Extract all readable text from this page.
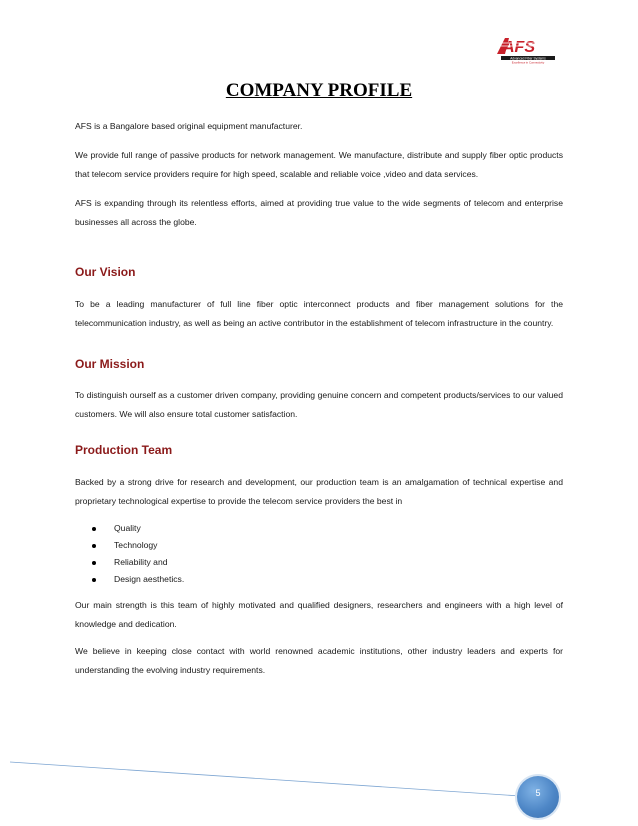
AFS
Advanced Fiber Systems
Excellence in Connectivity
COMPANY PROFILE

AFS is a Bangalore based original equipment manufacturer.

We provide full range of passive products for network management. We manufacture, distribute and supply fiber optic products that telecom service providers require for high speed, scalable and reliable voice ,video and data services.

AFS is expanding through its relentless efforts, aimed at providing true value to the wide segments of telecom and enterprise businesses all across the globe.

Our Vision

To be a leading manufacturer of full line fiber optic interconnect products and fiber management solutions for the telecommunication industry, as well as being an active contributor in the establishment of telecom infrastructure in the country.

Our Mission

To distinguish ourself as a customer driven company, providing genuine concern and competent products/services to our valued customers. We will also ensure total customer satisfaction.

Production Team

Backed by a strong drive for research and development, our production team is an amalgamation of technical expertise and proprietary technological expertise to provide the telecom service providers the best in

Quality
Technology
Reliability and
Design aesthetics.

Our main strength is this team of highly motivated and qualified designers, researchers and engineers with a high level of knowledge and dedication.

We believe in keeping close contact with world renowned academic institutions, other industry leaders and experts for understanding the evolving industry requirements.

5
